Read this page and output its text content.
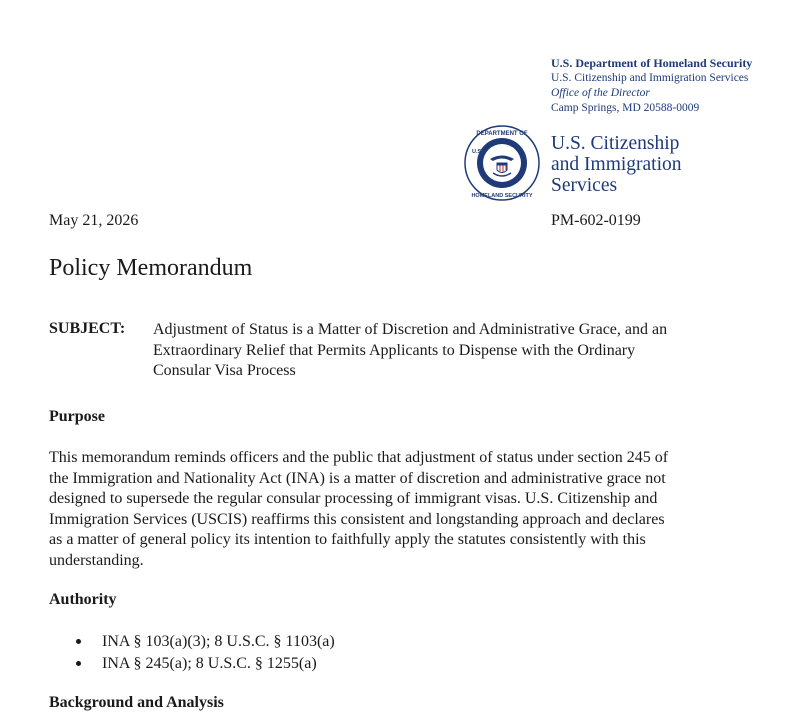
U.S. Department of Homeland Security
U.S. Citizenship and Immigration Services
Office of the Director
Camp Springs, MD 20588-0009
DEPARTMENT OF
HOMELAND SECURITY
U.S.	U.S. Citizenship
and Immigration
Services
May 21, 2026	PM-602-0199
Policy Memorandum
SUBJECT: Adjustment of Status is a Matter of Discretion and Administrative Grace, and an
Extraordinary Relief that Permits Applicants to Dispense with the Ordinary
Consular Visa Process
Purpose
This memorandum reminds officers and the public that adjustment of status under section 245 of
the Immigration and Nationality Act (INA) is a matter of discretion and administrative grace not
designed to supersede the regular consular processing of immigrant visas. U.S. Citizenship and
Immigration Services (USCIS) reaffirms this consistent and longstanding approach and declares
as a matter of general policy its intention to faithfully apply the statutes consistently with this
understanding.
Authority
INA § 103(a)(3); 8 U.S.C. § 1103(a)
INA § 245(a); 8 U.S.C. § 1255(a)
Background and Analysis
